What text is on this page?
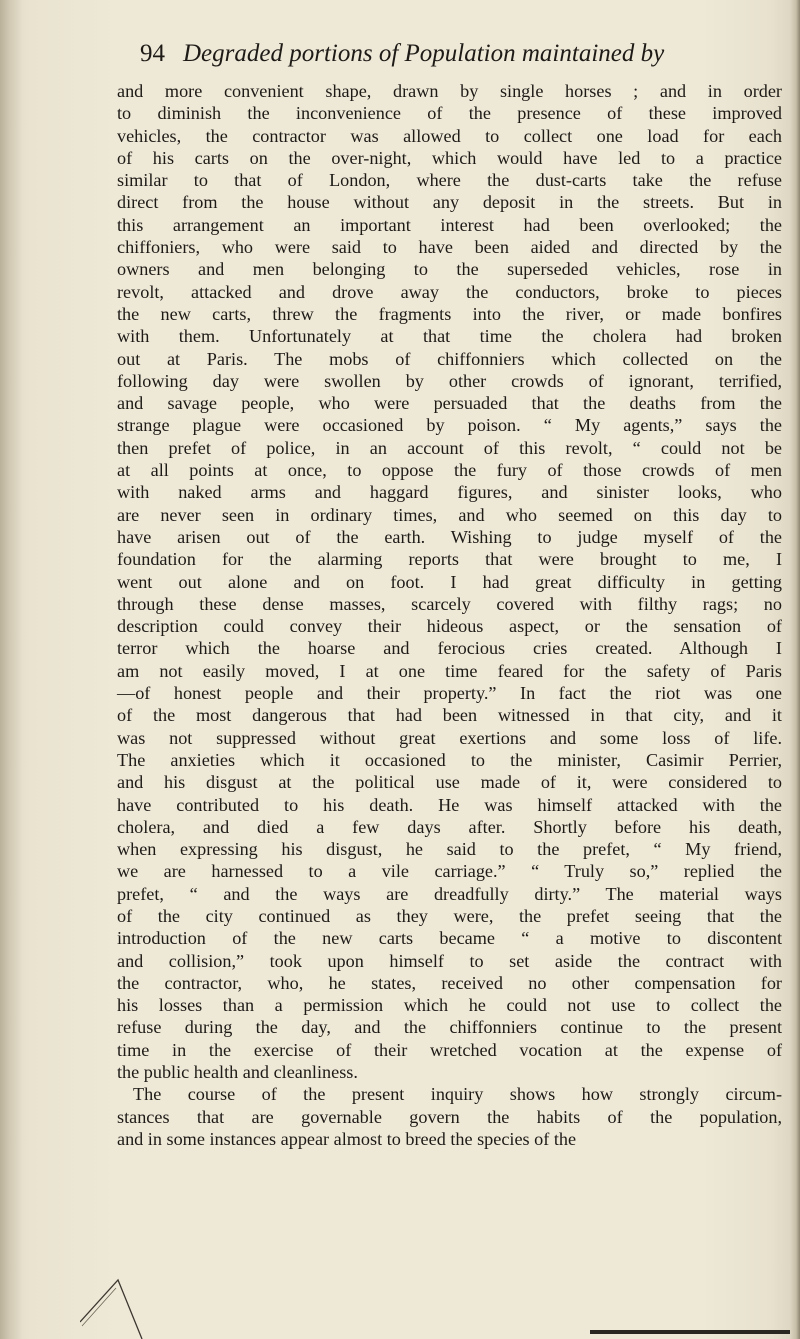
94 Degraded portions of Population maintained by
and more convenient shape, drawn by single horses ; and in order
to diminish the inconvenience of the presence of these improved
vehicles, the contractor was allowed to collect one load for each
of his carts on the over-night, which would have led to a practice
similar to that of London, where the dust-carts take the refuse
direct from the house without any deposit in the streets. But in
this arrangement an important interest had been overlooked; the
chiffoniers, who were said to have been aided and directed by the
owners and men belonging to the superseded vehicles, rose in
revolt, attacked and drove away the conductors, broke to pieces
the new carts, threw the fragments into the river, or made bonfires
with them. Unfortunately at that time the cholera had broken
out at Paris. The mobs of chiffonniers which collected on the
following day were swollen by other crowds of ignorant, terrified,
and savage people, who were persuaded that the deaths from the
strange plague were occasioned by poison. “ My agents,” says the
then prefet of police, in an account of this revolt, “ could not be
at all points at once, to oppose the fury of those crowds of men
with naked arms and haggard figures, and sinister looks, who
are never seen in ordinary times, and who seemed on this day to
have arisen out of the earth. Wishing to judge myself of the
foundation for the alarming reports that were brought to me, I
went out alone and on foot. I had great difficulty in getting
through these dense masses, scarcely covered with filthy rags; no
description could convey their hideous aspect, or the sensation of
terror which the hoarse and ferocious cries created. Although I
am not easily moved, I at one time feared for the safety of Paris
—of honest people and their property.” In fact the riot was one
of the most dangerous that had been witnessed in that city, and it
was not suppressed without great exertions and some loss of life.
The anxieties which it occasioned to the minister, Casimir Perrier,
and his disgust at the political use made of it, were considered to
have contributed to his death. He was himself attacked with the
cholera, and died a few days after. Shortly before his death,
when expressing his disgust, he said to the prefet, “ My friend,
we are harnessed to a vile carriage.” “ Truly so,” replied the
prefet, “ and the ways are dreadfully dirty.” The material ways
of the city continued as they were, the prefet seeing that the
introduction of the new carts became “ a motive to discontent
and collision,” took upon himself to set aside the contract with
the contractor, who, he states, received no other compensation for
his losses than a permission which he could not use to collect the
refuse during the day, and the chiffonniers continue to the present
time in the exercise of their wretched vocation at the expense of
the public health and cleanliness.
The course of the present inquiry shows how strongly circum-
stances that are governable govern the habits of the population,
and in some instances appear almost to breed the species of the
